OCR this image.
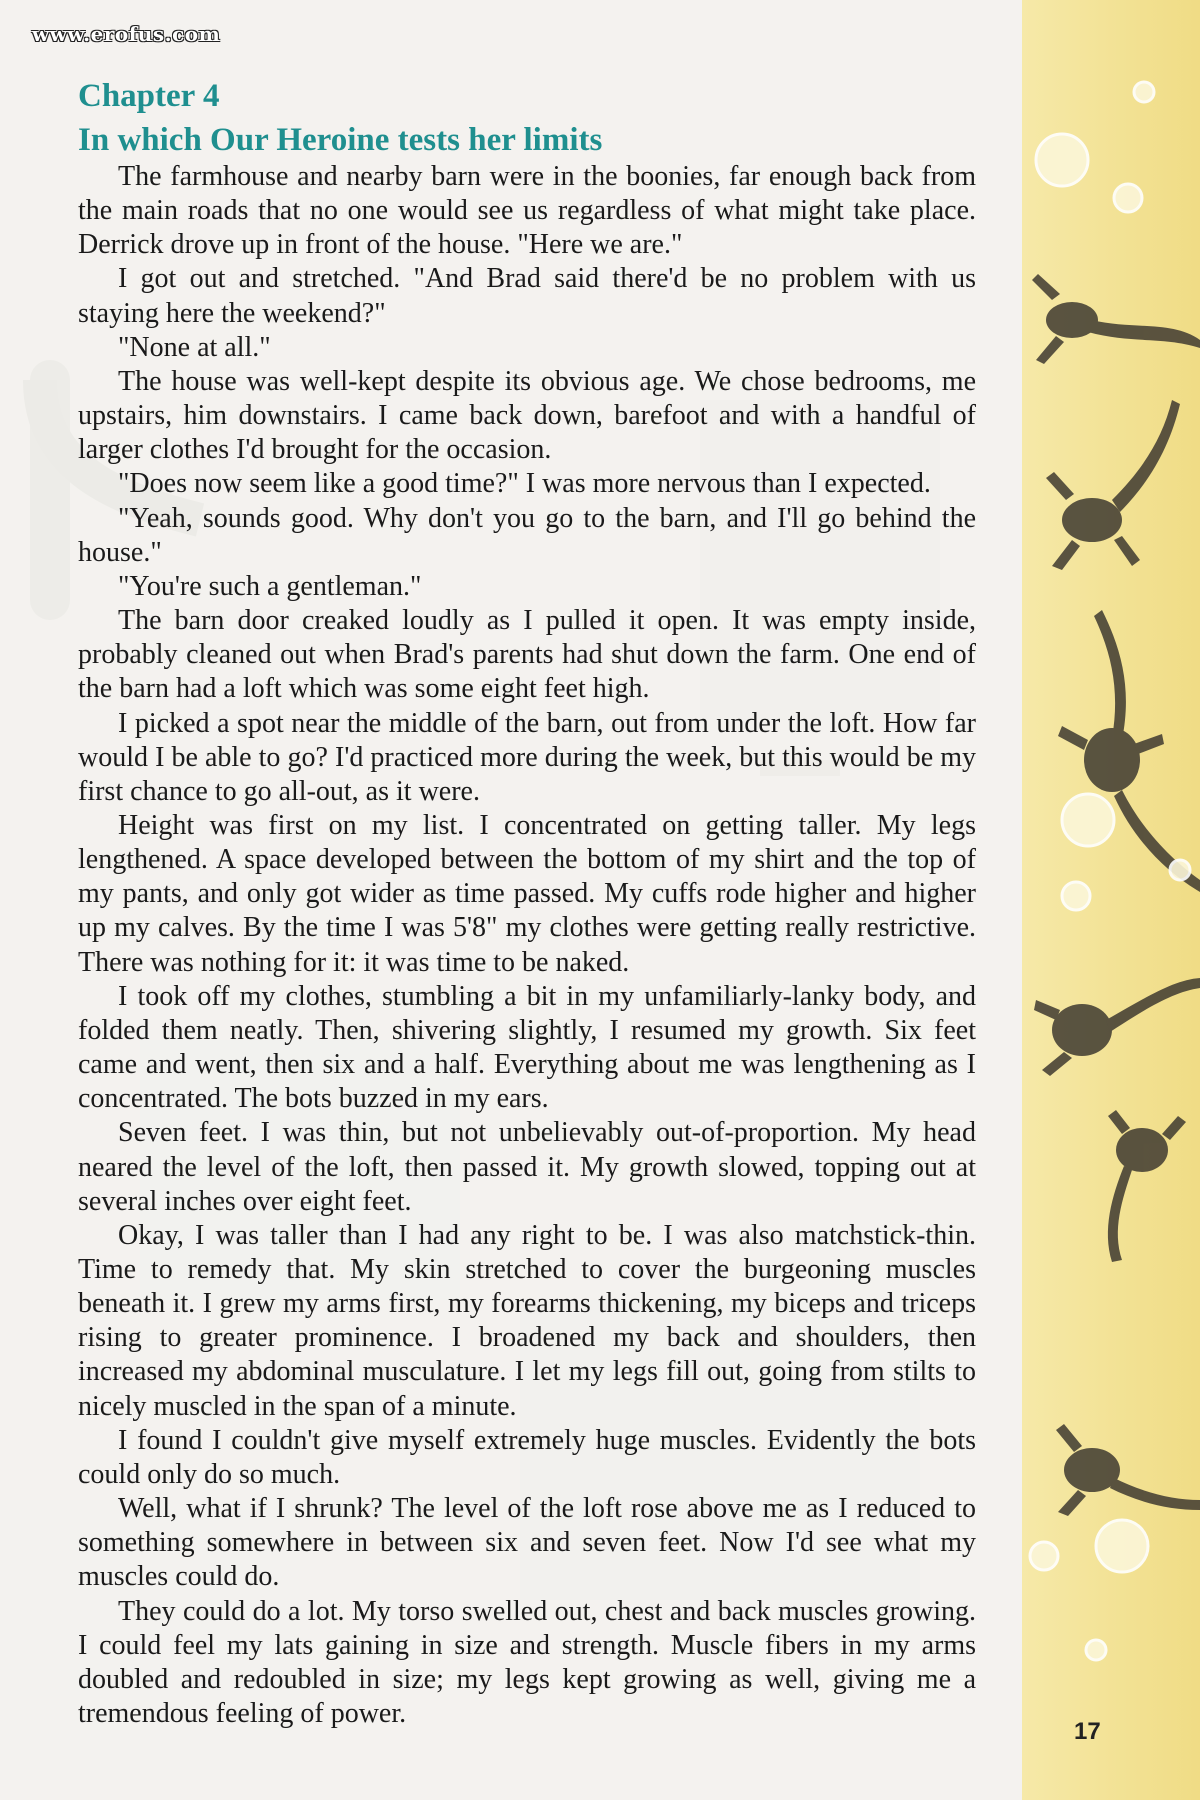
www.erofus.com
Chapter 4
In which Our Heroine tests her limits

The farmhouse and nearby barn were in the boonies, far enough back from the main roads that no one would see us regardless of what might take place. Derrick drove up in front of the house. "Here we are."

I got out and stretched. "And Brad said there'd be no problem with us staying here the weekend?"

"None at all."

The house was well-kept despite its obvious age. We chose bedrooms, me upstairs, him downstairs. I came back down, barefoot and with a handful of larger clothes I'd brought for the occasion.

"Does now seem like a good time?" I was more nervous than I expected.

"Yeah, sounds good. Why don't you go to the barn, and I'll go behind the house."

"You're such a gentleman."

The barn door creaked loudly as I pulled it open. It was empty inside, probably cleaned out when Brad's parents had shut down the farm. One end of the barn had a loft which was some eight feet high.

I picked a spot near the middle of the barn, out from under the loft. How far would I be able to go? I'd practiced more during the week, but this would be my first chance to go all-out, as it were.

Height was first on my list. I concentrated on getting taller. My legs lengthened. A space developed between the bottom of my shirt and the top of my pants, and only got wider as time passed. My cuffs rode higher and higher up my calves. By the time I was 5'8" my clothes were getting really restrictive. There was nothing for it: it was time to be naked.

I took off my clothes, stumbling a bit in my unfamiliarly-lanky body, and folded them neatly. Then, shivering slightly, I resumed my growth. Six feet came and went, then six and a half. Everything about me was lengthening as I concentrated. The bots buzzed in my ears.

Seven feet. I was thin, but not unbelievably out-of-proportion. My head neared the level of the loft, then passed it. My growth slowed, topping out at several inches over eight feet.

Okay, I was taller than I had any right to be. I was also matchstick-thin. Time to remedy that. My skin stretched to cover the burgeoning muscles beneath it. I grew my arms first, my forearms thickening, my biceps and triceps rising to greater prominence. I broadened my back and shoulders, then increased my abdominal musculature. I let my legs fill out, going from stilts to nicely muscled in the span of a minute.

I found I couldn't give myself extremely huge muscles. Evidently the bots could only do so much.

Well, what if I shrunk? The level of the loft rose above me as I reduced to something somewhere in between six and seven feet. Now I'd see what my muscles could do.

They could do a lot. My torso swelled out, chest and back muscles growing. I could feel my lats gaining in size and strength. Muscle fibers in my arms doubled and redoubled in size; my legs kept growing as well, giving me a tremendous feeling of power.

17
